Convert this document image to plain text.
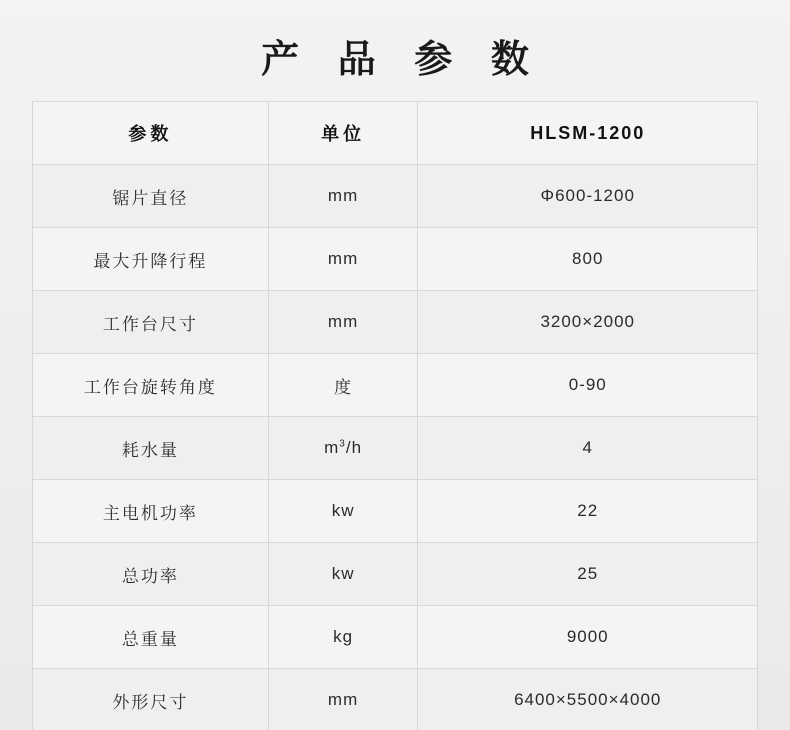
产 品 参 数
参数	单位	HLSM-1200
锯片直径	mm	Φ600-1200
最大升降行程	mm	800
工作台尺寸	mm	3200×2000
工作台旋转角度	度	0-90
耗水量	$m^3/h$	4
主电机功率	kw	22
总功率	kw	25
总重量	kg	9000
外形尺寸	mm	6400×5500×4000
